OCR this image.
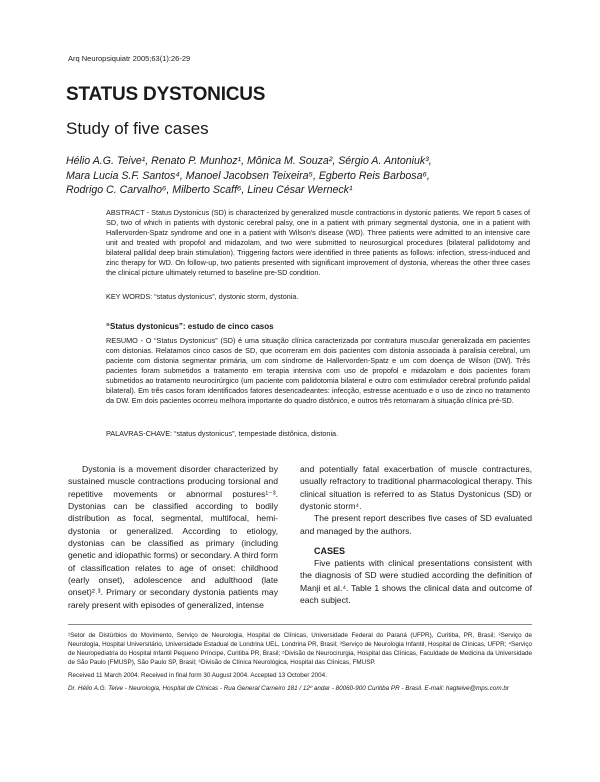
Arq Neuropsiquiatr 2005;63(1):26-29
STATUS DYSTONICUS
Study of five cases
Hélio A.G. Teive¹, Renato P. Munhoz¹, Mônica M. Souza², Sérgio A. Antoniuk³,
Mara Lucia S.F. Santos⁴, Manoel Jacobsen Teixeira⁵, Egberto Reis Barbosa⁶,
Rodrigo C. Carvalho⁶, Milberto Scaff⁶, Lineu César Werneck¹

ABSTRACT - Status Dystonicus (SD) is characterized by generalized muscle contractions in dystonic patients. We report 5 cases of SD, two of which in patients with dystonic cerebral palsy, one in a patient with primary segmental dystonia, one in a patient with Hallervorden-Spatz syndrome and one in a patient with Wilson's disease (WD). Three patients were admitted to an intensive care unit and treated with propofol and midazolam, and two were submitted to neurosurgical procedures (bilateral pallidotomy and bilateral pallidal deep brain stimulation). Triggering factors were identified in three patients as follows: infection, stress-induced and zinc therapy for WD. On follow-up, two patients presented with significant improvement of dystonia, whereas the other three cases the clinical picture ultimately returned to baseline pre-SD condition.

KEY WORDS: “status dystonicus”, dystonic storm, dystonia.
“Status dystonicus”: estudo de cinco casos

RESUMO - O “Status Dystonicus” (SD) é uma situação clínica caracterizada por contratura muscular generalizada em pacientes com distonias. Relatamos cinco casos de SD, que ocorreram em dois pacientes com distonia associada à paralisia cerebral, um paciente com distonia segmentar primária, um com síndrome de Hallervorden-Spatz e um com doença de Wilson (DW). Três pacientes foram submetidos a tratamento em terapia intensiva com uso de propofol e midazolam e dois pacientes foram submetidos ao tratamento neurocirúrgico (um paciente com palidotomia bilateral e outro com estimulador cerebral profundo palidal bilateral). Em três casos foram identificados fatores desencadeantes: infecção, estresse acentuado e o uso de zinco no tratamento da DW. Em dois pacientes ocorreu melhora importante do quadro distônico, e outros três retornaram à situação clínica pré-SD.

PALAVRAS-CHAVE: “status dystonicus”, tempestade distônica, distonia.

Dystonia is a movement disorder characterized by sustained muscle contractions producing torsional and repetitive movements or abnormal postures¹⁻³. Dystonias can be classified according to bodily distribution as focal, segmental, multifocal, hemi-dystonia or generalized. According to etiology, dystonias can be classified as primary (including genetic and idiopathic forms) or secondary. A third form of classification relates to age of onset: childhood (early onset), adolescence and adulthood (late onset)²˒³. Primary or secondary dystonia patients may rarely present with episodes of generalized, intense

and potentially fatal exacerbation of muscle contractures, usually refractory to traditional pharmacological therapy. This clinical situation is referred to as Status Dystonicus (SD) or dystonic storm⁴.

The present report describes five cases of SD evaluated and managed by the authors.

CASES

Five patients with clinical presentations consistent with the diagnosis of SD were studied according the definition of Manji et al.⁴. Table 1 shows the clinical data and outcome of each subject.

¹Setor de Distúrbios do Movimento, Serviço de Neurologia, Hospital de Clínicas, Universidade Federal do Paraná (UFPR), Curitiba, PR, Brasil; ²Serviço de Neurologia, Hospital Universitário, Universidade Estadual de Londrina UEL, Londrina PR, Brasil; ³Serviço de Neurologia Infantil, Hospital de Clínicas, UFPR; ⁴Serviço de Neuropediatria do Hospital Infantil Pequeno Príncipe, Curitiba PR, Brasil; ⁵Divisão de Neurocirurgia, Hospital das Clínicas, Faculdade de Medicina da Universidade de São Paulo (FMUSP), São Paulo SP, Brasil; ⁶Divisão de Clínica Neurológica, Hospital das Clínicas, FMUSP.

Received 11 March 2004. Received in final form 30 August 2004. Accepted 13 October 2004.

Dr. Hélio A.G. Teive - Neurologia, Hospital de Clínicas - Rua General Carneiro 181 / 12º andar - 80060-900 Curitiba PR - Brasil. E-mail: hagteive@mps.com.br
